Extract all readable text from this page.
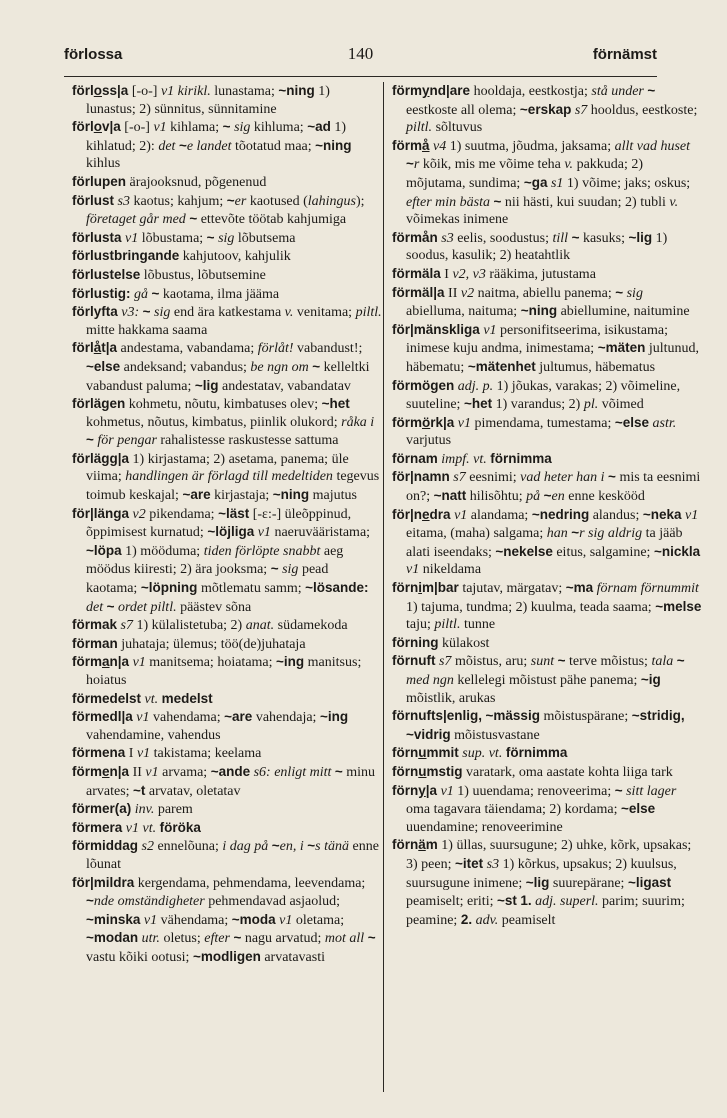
förlossa	140	förnämst
förloss|a [-o-] v1 kirikl. lunastama; ~ning 1) lunastus; 2) sünnitus, sünnitamine
förlov|a [-o-] v1 kihlama; ~ sig kihluma; ~ad 1) kihlatud; 2): det ~e landet tõotatud maa; ~ning kihlus
förlupen ärajooksnud, põgenenud
förlust s3 kaotus; kahjum; ~er kaotused (lahingus); företaget går med ~ ettevõte töötab kahjumiga
förlusta v1 lõbustama; ~ sig lõbutsema
förlustbringande kahjutoov, kahjulik
förlustelse lõbustus, lõbutsemine
förlustig: gå ~ kaotama, ilma jääma
förlyfta v3: ~ sig end ära katkestama v. venitama; piltl. mitte hakkama saama
förlåt|a andestama, vabandama; förlåt! vabandust!; ~else andeksand; vabandus; be ngn om ~ kelleltki vabandust paluma; ~lig andestatav, vabandatav
förlägen kohmetu, nõutu, kimbatuses olev; ~het kohmetus, nõutus, kimbatus, piinlik olukord; råka i ~ för pengar rahalistesse raskustesse sattuma
förlägg|a 1) kirjastama; 2) asetama, panema; üle viima; handlingen är förlagd till medeltiden tegevus toimub keskajal; ~are kirjastaja; ~ning majutus
för|länga v2 pikendama; ~läst [-ε:-] üleõppinud, õppimisest kurnatud; ~löjliga v1 naeruvääristama; ~löpa 1) mööduma; tiden förlöpte snabbt aeg möödus kiiresti; 2) ära jooksma; ~ sig pead kaotama; ~löpning mõtlematu samm; ~lösande: det ~ ordet piltl. päästev sõna
förmak s7 1) külalistetuba; 2) anat. südamekoda
förman juhataja; ülemus; töö(de)juhataja
förman|a v1 manitsema; hoiatama; ~ing manitsus; hoiatus
förmedelst vt. medelst
förmedl|a v1 vahendama; ~are vahendaja; ~ing vahendamine, vahendus
förmena I v1 takistama; keelama
förmen|a II v1 arvama; ~ande s6: enligt mitt ~ minu arvates; ~t arvatav, oletatav
förmer(a) inv. parem
förmera v1 vt. föröka
förmiddag s2 ennelõuna; i dag på ~en, i ~s tänä enne lõunat
för|mildra kergendama, pehmendama, leevendama; ~nde omständigheter pehmendavad asjaolud; ~minska v1 vähendama; ~moda v1 oletama; ~modan utr. oletus; efter ~ nagu arvatud; mot all ~ vastu kõiki ootusi; ~modligen arvatavasti
förmynd|are hooldaja, eestkostja; stå under ~ eestkoste all olema; ~erskap s7 hooldus, eestkoste; piltl. sõltuvus
förmå v4 1) suutma, jõudma, jaksama; allt vad huset ~r kõik, mis me võime teha v. pakkuda; 2) mõjutama, sundima; ~ga s1 1) võime; jaks; oskus; efter min bästa ~ nii hästi, kui suudan; 2) tubli v. võimekas inimene
förmån s3 eelis, soodustus; till ~ kasuks; ~lig 1) soodus, kasulik; 2) heatahtlik
förmäla I v2, v3 rääkima, jutustama
förmäl|a II v2 naitma, abiellu panema; ~ sig abielluma, naituma; ~ning abiellumine, naitumine
för|mänskliga v1 personifitseerima, isikustama; inimese kuju andma, inimestama; ~mäten jultunud, häbematu; ~mätenhet jultumus, häbematus
förmögen adj. p. 1) jõukas, varakas; 2) võimeline, suuteline; ~het 1) varandus; 2) pl. võimed
förmörk|a v1 pimendama, tumestama; ~else astr. varjutus
förnam impf. vt. förnimma
för|namn s7 eesnimi; vad heter han i ~ mis ta eesnimi on?; ~natt hilisõhtu; på ~en enne keskööd
för|nedra v1 alandama; ~nedring alandus; ~neka v1 eitama, (maha) salgama; han ~r sig aldrig ta jääb alati iseendaks; ~nekelse eitus, salgamine; ~nickla v1 nikeldama
förnim|bar tajutav, märgatav; ~ma förnam förnummit 1) tajuma, tundma; 2) kuulma, teada saama; ~melse taju; piltl. tunne
förning külakost
förnuft s7 mõistus, aru; sunt ~ terve mõistus; tala ~ med ngn kellelegi mõistust pähe panema; ~ig mõistlik, arukas
förnufts|enlig, ~mässig mõistuspärane; ~stridig, ~vidrig mõistusvastane
förnummit sup. vt. förnimma
förnumstig varatark, oma aastate kohta liiga tark
förny|a v1 1) uuendama; renoveerima; ~ sitt lager oma tagavara täiendama; 2) kordama; ~else uuendamine; renoveerimine
förnäm 1) üllas, suursugune; 2) uhke, kõrk, upsakas; 3) peen; ~itet s3 1) kõrkus, upsakus; 2) kuulsus, suursugune inimene; ~lig suurepärane; ~ligast peamiselt; eriti; ~st 1. adj. superl. parim; suurim; peamine; 2. adv. peamiselt
